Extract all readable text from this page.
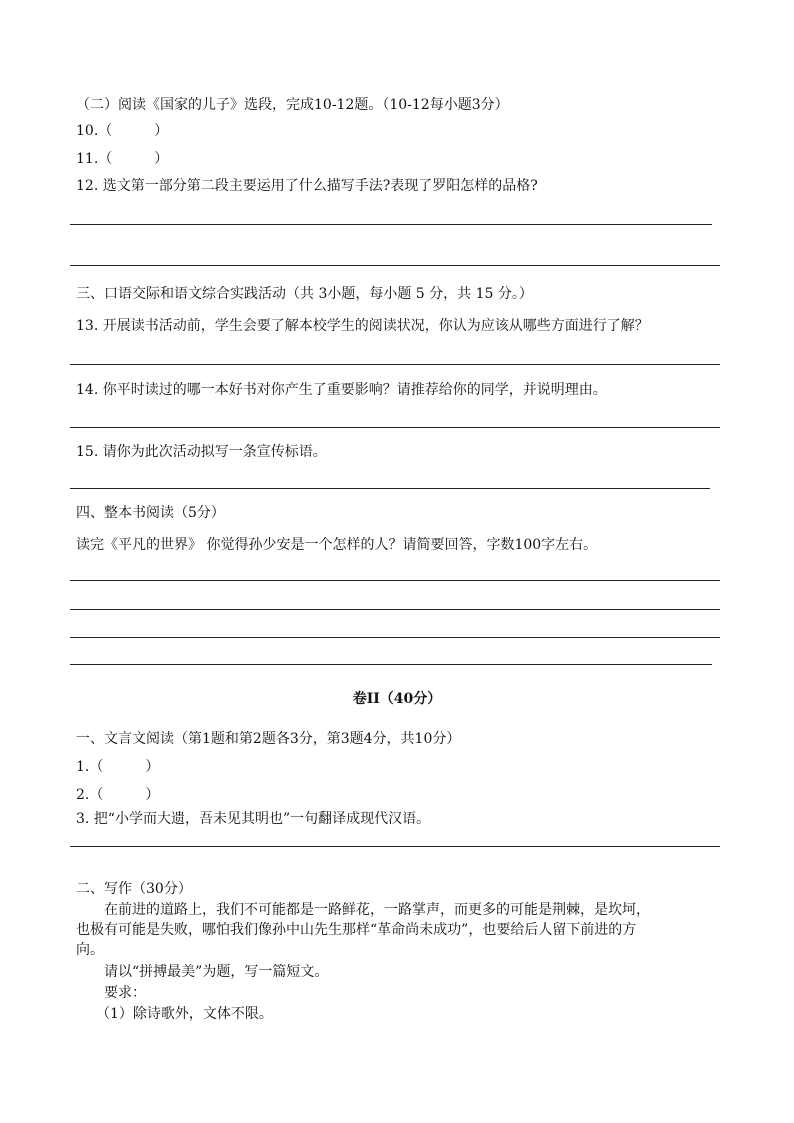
（二）阅读《国家的儿子》选段，完成10-12题。（10-12每小题3分）
10.（　　　）
11.（　　　）
12. 选文第一部分第二段主要运用了什么描写手法?表现了罗阳怎样的品格?
三、口语交际和语文综合实践活动（共 3小题，每小题 5 分，共 15 分。）
13. 开展读书活动前，学生会要了解本校学生的阅读状况，你认为应该从哪些方面进行了解？
14. 你平时读过的哪一本好书对你产生了重要影响？请推荐给你的同学，并说明理由。
15. 请你为此次活动拟写一条宣传标语。
四、整本书阅读（5分）
读完《平凡的世界》 你觉得孙少安是一个怎样的人？请简要回答，字数100字左右。
卷II（40分）
一、文言文阅读（第1题和第2题各3分，第3题4分，共10分）
1.（　　　）
2.（　　　）
3. 把“小学而大遗，吾未见其明也”一句翻译成现代汉语。
二、写作（30分）
在前进的道路上，我们不可能都是一路鲜花，一路掌声，而更多的可能是荆棘，是坎坷，
也极有可能是失败，哪怕我们像孙中山先生那样“革命尚未成功”，也要给后人留下前进的方
向。
请以“拼搏最美”为题，写一篇短文。
要求：
（1）除诗歌外，文体不限。
